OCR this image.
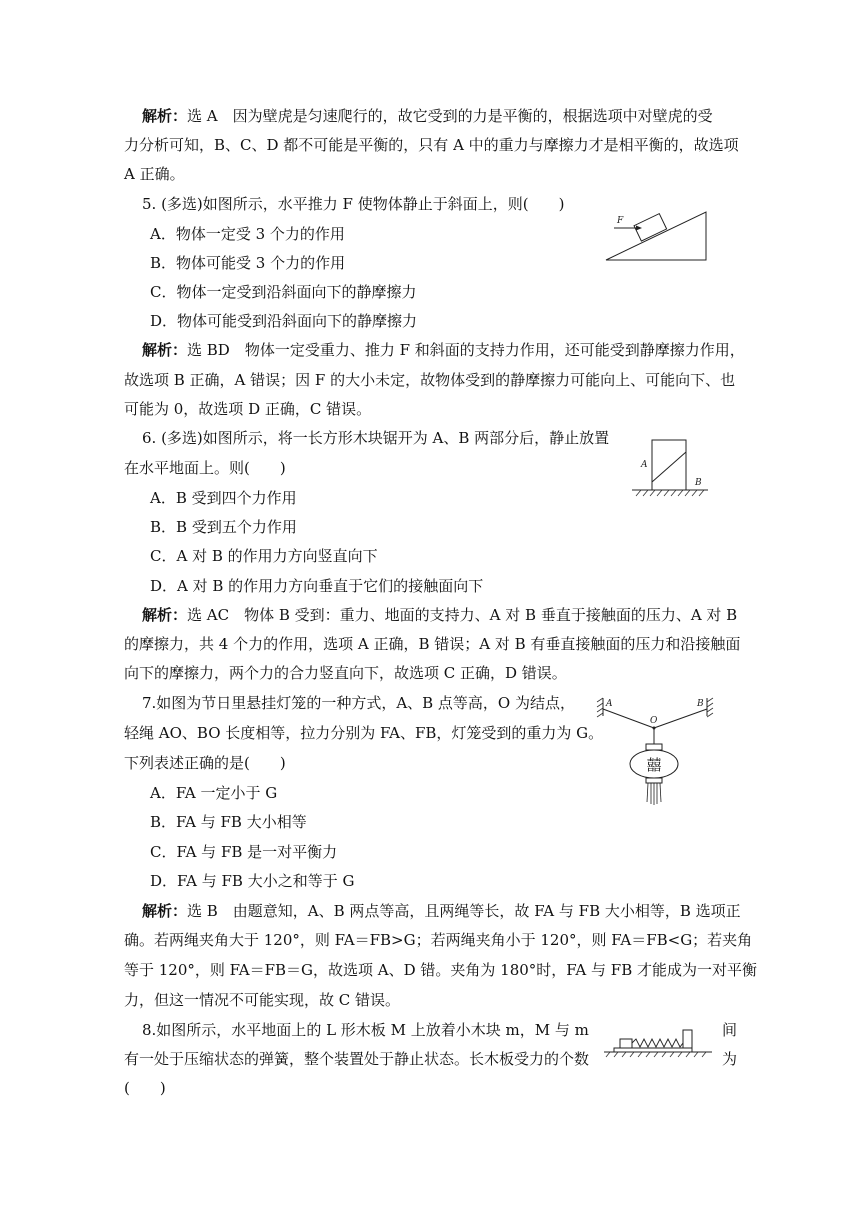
解析：选 A　因为壁虎是匀速爬行的，故它受到的力是平衡的，根据选项中对壁虎的受
力分析可知，B、C、D 都不可能是平衡的，只有 A 中的重力与摩擦力才是相平衡的，故选项
A 正确。
5. (多选)如图所示，水平推力 F 使物体静止于斜面上，则(　　)
A．物体一定受 3 个力的作用
B．物体可能受 3 个力的作用
C．物体一定受到沿斜面向下的静摩擦力
D．物体可能受到沿斜面向下的静摩擦力
F
解析：选 BD　物体一定受重力、推力 F 和斜面的支持力作用，还可能受到静摩擦力作用，
故选项 B 正确，A 错误；因 F 的大小未定，故物体受到的静摩擦力可能向上、可能向下、也
可能为 0，故选项 D 正确，C 错误。
6. (多选)如图所示，将一长方形木块锯开为 A、B 两部分后，静止放置
在水平地面上。则(　　)
A．B 受到四个力作用
B．B 受到五个力作用
C．A 对 B 的作用力方向竖直向下
D．A 对 B 的作用力方向垂直于它们的接触面向下
A
B
解析：选 AC　物体 B 受到：重力、地面的支持力、A 对 B 垂直于接触面的压力、A 对 B
的摩擦力，共 4 个力的作用，选项 A 正确，B 错误；A 对 B 有垂直接触面的压力和沿接触面
向下的摩擦力，两个力的合力竖直向下，故选项 C 正确，D 错误。
7.如图为节日里悬挂灯笼的一种方式，A、B 点等高，O 为结点，
轻绳 AO、BO 长度相等，拉力分别为 FA、FB，灯笼受到的重力为 G。
下列表述正确的是(　　)
A．FA 一定小于 G
B．FA 与 FB 大小相等
C．FA 与 FB 是一对平衡力
D．FA 与 FB 大小之和等于 G
A	B
O
囍
解析：选 B　由题意知，A、B 两点等高，且两绳等长，故 FA 与 FB 大小相等，B 选项正
确。若两绳夹角大于 120°，则 FA＝FB>G；若两绳夹角小于 120°，则 FA＝FB<G；若夹角
等于 120°，则 FA＝FB＝G，故选项 A、D 错。夹角为 180°时，FA 与 FB 才能成为一对平衡
力，但这一情况不可能实现，故 C 错误。
8.如图所示，水平地面上的 L 形木板 M 上放着小木块 m，M 与 m	间
有一处于压缩状态的弹簧，整个装置处于静止状态。长木板受力的个数	为
(　　)
